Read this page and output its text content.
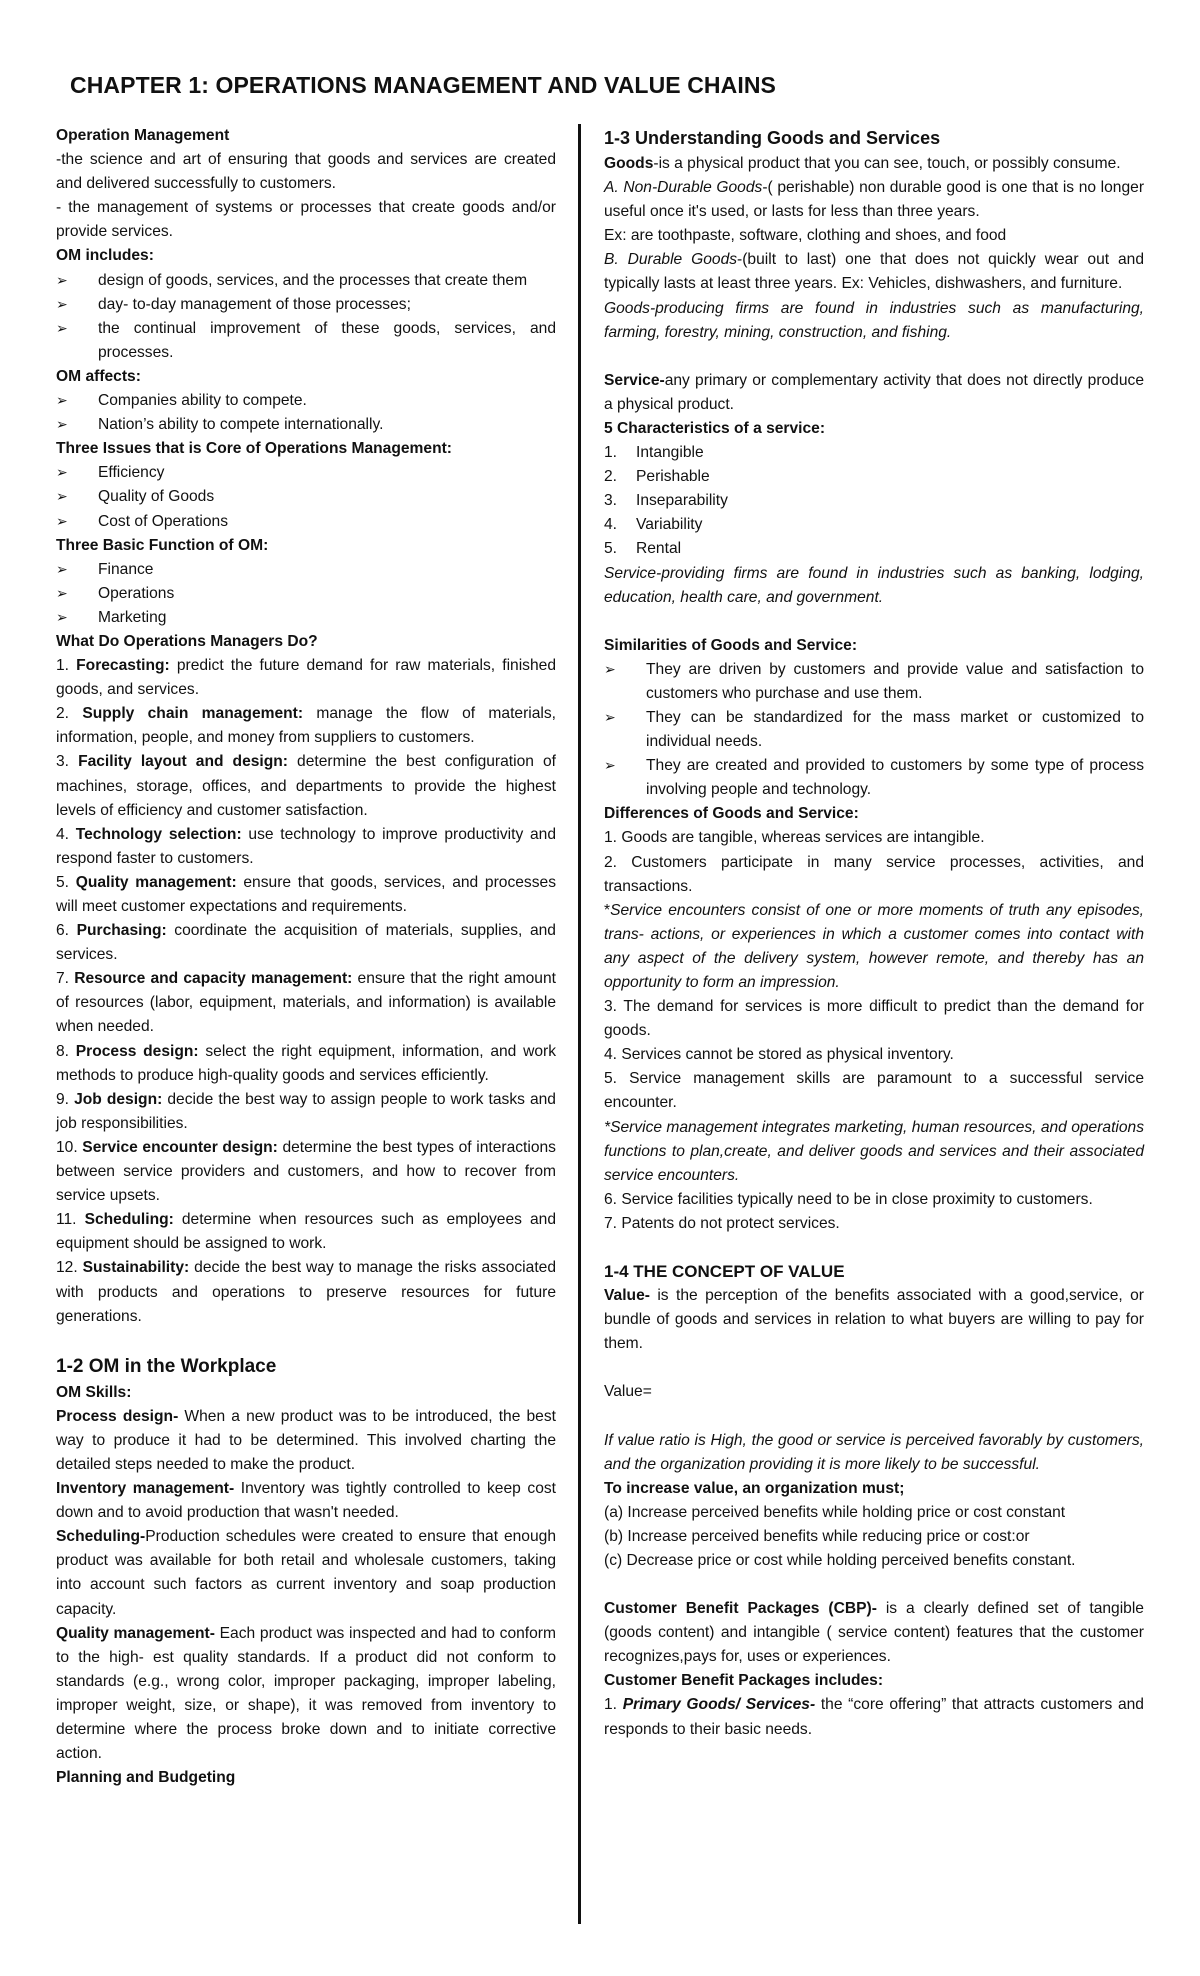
CHAPTER 1: OPERATIONS MANAGEMENT AND VALUE CHAINS

Operation Management

-the science and art of ensuring that goods and services are created and delivered successfully to customers.

- the management of systems or processes that create goods and/or provide services.

OM includes:

➢ design of goods, services, and the processes that create them
➢ day- to-day management of those processes;
➢ the continual improvement of these goods, services, and processes.

OM affects:

➢ Companies ability to compete.
➢ Nation’s ability to compete internationally.

Three Issues that is Core of Operations Management:

➢ Efficiency
➢ Quality of Goods
➢ Cost of Operations

Three Basic Function of OM:

➢ Finance
➢ Operations
➢ Marketing

What Do Operations Managers Do?

1. Forecasting: predict the future demand for raw materials, finished goods, and services.

2. Supply chain management: manage the flow of materials, information, people, and money from suppliers to customers.

3. Facility layout and design: determine the best configuration of machines, storage, offices, and departments to provide the highest levels of efficiency and customer satisfaction.

4. Technology selection: use technology to improve productivity and respond faster to customers.

5. Quality management: ensure that goods, services, and processes will meet customer expectations and requirements.

6. Purchasing: coordinate the acquisition of materials, supplies, and services.

7. Resource and capacity management: ensure that the right amount of resources (labor, equipment, materials, and information) is available when needed.

8. Process design: select the right equipment, information, and work methods to produce high-quality goods and services efficiently.

9. Job design: decide the best way to assign people to work tasks and job responsibilities.

10. Service encounter design: determine the best types of interactions between service providers and customers, and how to recover from service upsets.

11. Scheduling: determine when resources such as employees and equipment should be assigned to work.

12. Sustainability: decide the best way to manage the risks associated with products and operations to preserve resources for future generations.

1-2 OM in the Workplace

OM Skills:

Process design- When a new product was to be introduced, the best way to produce it had to be determined. This involved charting the detailed steps needed to make the product.

Inventory management- Inventory was tightly controlled to keep cost down and to avoid production that wasn't needed.

Scheduling-Production schedules were created to ensure that enough product was available for both retail and wholesale customers, taking into account such factors as current inventory and soap production capacity.

Quality management- Each product was inspected and had to conform to the high- est quality standards. If a product did not conform to standards (e.g., wrong color, improper packaging, improper labeling, improper weight, size, or shape), it was removed from inventory to determine where the process broke down and to initiate corrective action.

Planning and Budgeting

1-3 Understanding Goods and Services

Goods-is a physical product that you can see, touch, or possibly consume.

A. Non-Durable Goods-( perishable) non durable good is one that is no longer useful once it's used, or lasts for less than three years.

Ex: are toothpaste, software, clothing and shoes, and food

B. Durable Goods-(built to last) one that does not quickly wear out and typically lasts at least three years. Ex: Vehicles, dishwashers, and furniture.

Goods-producing firms are found in industries such as manufacturing, farming, forestry, mining, construction, and fishing.

Service-any primary or complementary activity that does not directly produce a physical product.

5 Characteristics of a service:

1. Intangible
2. Perishable
3. Inseparability
4. Variability
5. Rental

Service-providing firms are found in industries such as banking, lodging, education, health care, and government.

Similarities of Goods and Service:

➢ They are driven by customers and provide value and satisfaction to customers who purchase and use them.
➢ They can be standardized for the mass market or customized to individual needs.
➢ They are created and provided to customers by some type of process involving people and technology.

Differences of Goods and Service:

1. Goods are tangible, whereas services are intangible.

2. Customers participate in many service processes, activities, and transactions.

*Service encounters consist of one or more moments of truth any episodes, trans- actions, or experiences in which a customer comes into contact with any aspect of the delivery system, however remote, and thereby has an opportunity to form an impression.

3. The demand for services is more difficult to predict than the demand for goods.

4. Services cannot be stored as physical inventory.

5. Service management skills are paramount to a successful service encounter.

*Service management integrates marketing, human resources, and operations functions to plan,create, and deliver goods and services and their associated service encounters.

6. Service facilities typically need to be in close proximity to customers.

7. Patents do not protect services.

1-4 THE CONCEPT OF VALUE

Value- is the perception of the benefits associated with a good,service, or bundle of goods and services in relation to what buyers are willing to pay for them.

Value=

If value ratio is High, the good or service is perceived favorably by customers, and the organization providing it is more likely to be successful.

To increase value, an organization must;

(a) Increase perceived benefits while holding price or cost constant

(b) Increase perceived benefits while reducing price or cost:or

(c) Decrease price or cost while holding perceived benefits constant.

Customer Benefit Packages (CBP)- is a clearly defined set of tangible (goods content) and intangible ( service content) features that the customer recognizes,pays for, uses or experiences.

Customer Benefit Packages includes:

1. Primary Goods/ Services- the “core offering” that attracts customers and responds to their basic needs.
